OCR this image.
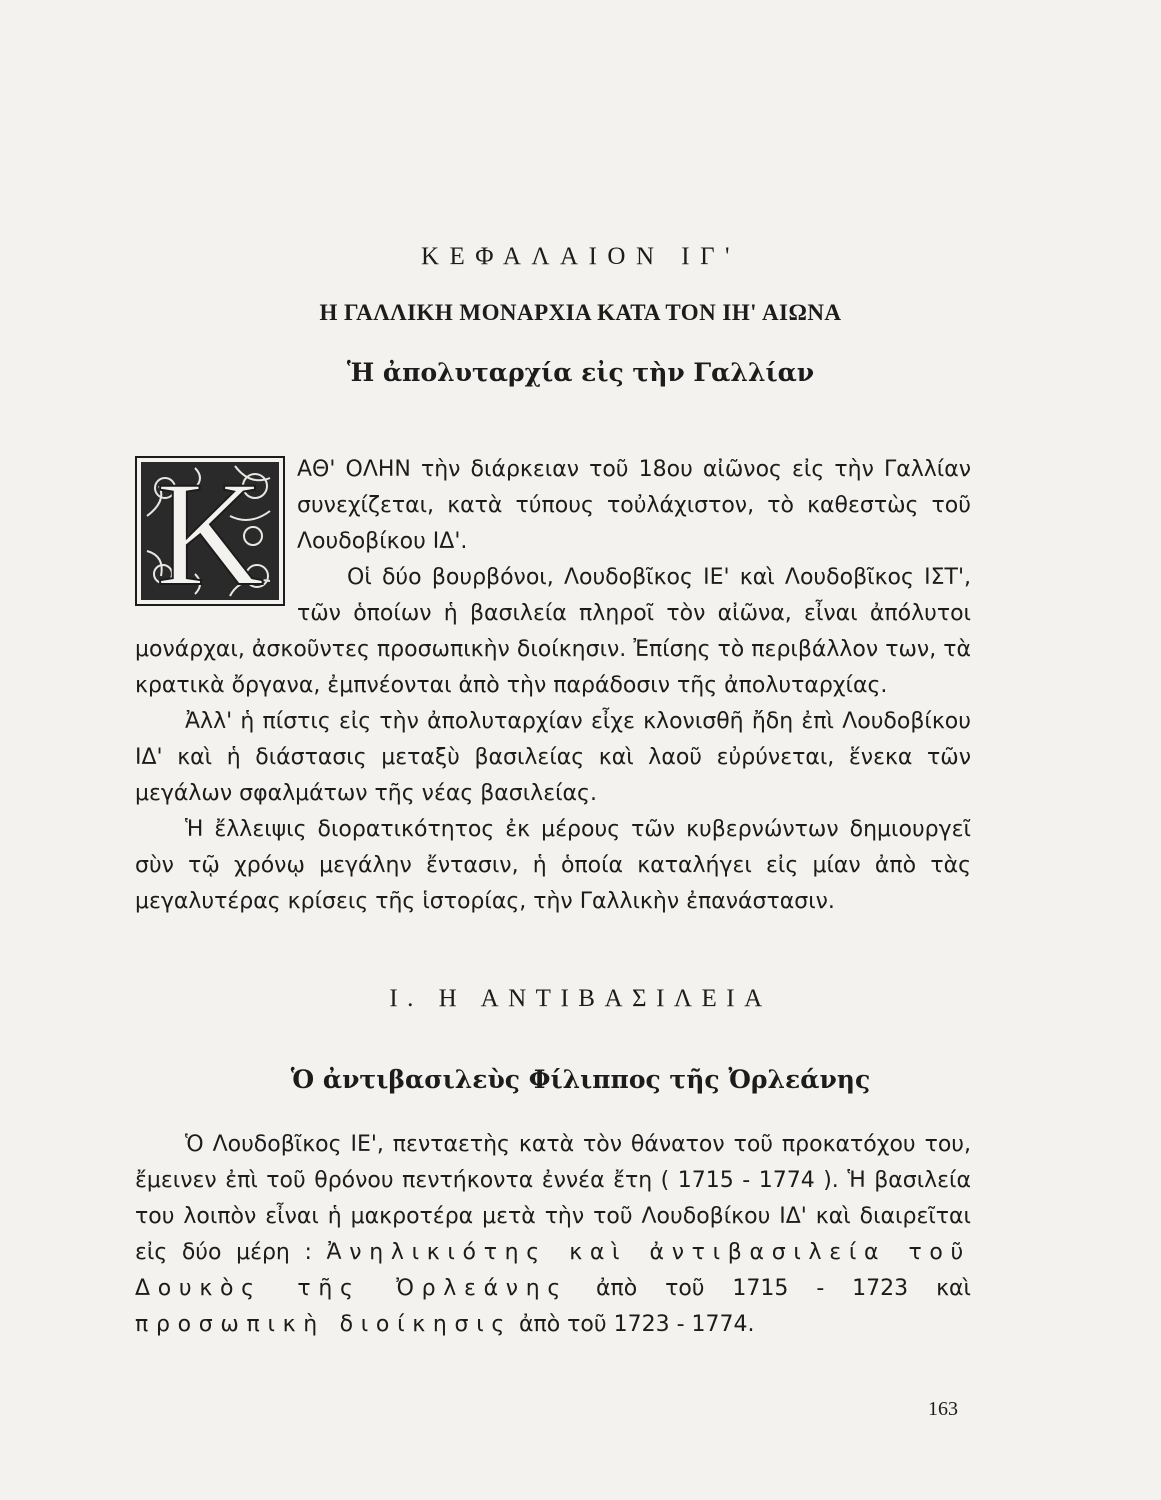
ΚΕΦΑΛΑΙΟΝ ΙΓ'
Η ΓΑΛΛΙΚΗ ΜΟΝΑΡΧΙΑ ΚΑΤΑ ΤΟΝ ΙΗ' ΑΙΩΝΑ
Ἡ ἀπολυταρχία εἰς τὴν Γαλλίαν
Κ	ΑΘ' ΟΛΗΝ τὴν διάρκειαν τοῦ 18ου αἰῶνος εἰς τὴν Γαλλίαν συνεχίζεται, κατὰ τύπους τοὐλάχιστον, τὸ καθεστὼς τοῦ Λουδοβίκου ΙΔ'.

Οἱ δύο βουρβόνοι, Λουδοβῖκος ΙΕ' καὶ Λουδοβῖκος ΙΣΤ', τῶν ὁποίων ἡ βασιλεία πληροῖ τὸν αἰῶνα, εἶναι ἀπόλυτοι μονάρχαι, ἀσκοῦντες προσωπικὴν διοίκησιν. Ἐπίσης τὸ περιβάλλον των, τὰ κρατικὰ ὄργανα, ἐμπνέονται ἀπὸ τὴν παράδοσιν τῆς ἀπολυταρχίας.

Ἀλλ' ἡ πίστις εἰς τὴν ἀπολυταρχίαν εἶχε κλονισθῆ ἤδη ἐπὶ Λουδοβίκου ΙΔ' καὶ ἡ διάστασις μεταξὺ βασιλείας καὶ λαοῦ εὐρύνεται, ἕνεκα τῶν μεγάλων σφαλμάτων τῆς νέας βασιλείας.

Ἡ ἔλλειψις διορατικότητος ἐκ μέρους τῶν κυβερνώντων δημιουργεῖ σὺν τῷ χρόνῳ μεγάλην ἔντασιν, ἡ ὁποία καταλήγει εἰς μίαν ἀπὸ τὰς μεγαλυτέρας κρίσεις τῆς ἱστορίας, τὴν Γαλλικὴν ἐπανάστασιν.

Ι. Η ΑΝΤΙΒΑΣΙΛΕΙΑ
Ὁ ἀντιβασιλεὺς Φίλιππος τῆς Ὀρλεάνης

Ὁ Λουδοβῖκος ΙΕ', πενταετὴς κατὰ τὸν θάνατον τοῦ προκατόχου του, ἔμεινεν ἐπὶ τοῦ θρόνου πεντήκοντα ἐννέα ἔτη ( 1715 - 1774 ). Ἡ βασιλεία του λοιπὸν εἶναι ἡ μακροτέρα μετὰ τὴν τοῦ Λουδοβίκου ΙΔ' καὶ διαιρεῖται εἰς δύο μέρη : Ἀνηλικιότης καὶ ἀντιβασιλεία τοῦ Δουκὸς τῆς Ὀρλεάνης ἀπὸ τοῦ 1715 - 1723 καὶ προσωπικὴ διοίκησις ἀπὸ τοῦ 1723 - 1774.

163
